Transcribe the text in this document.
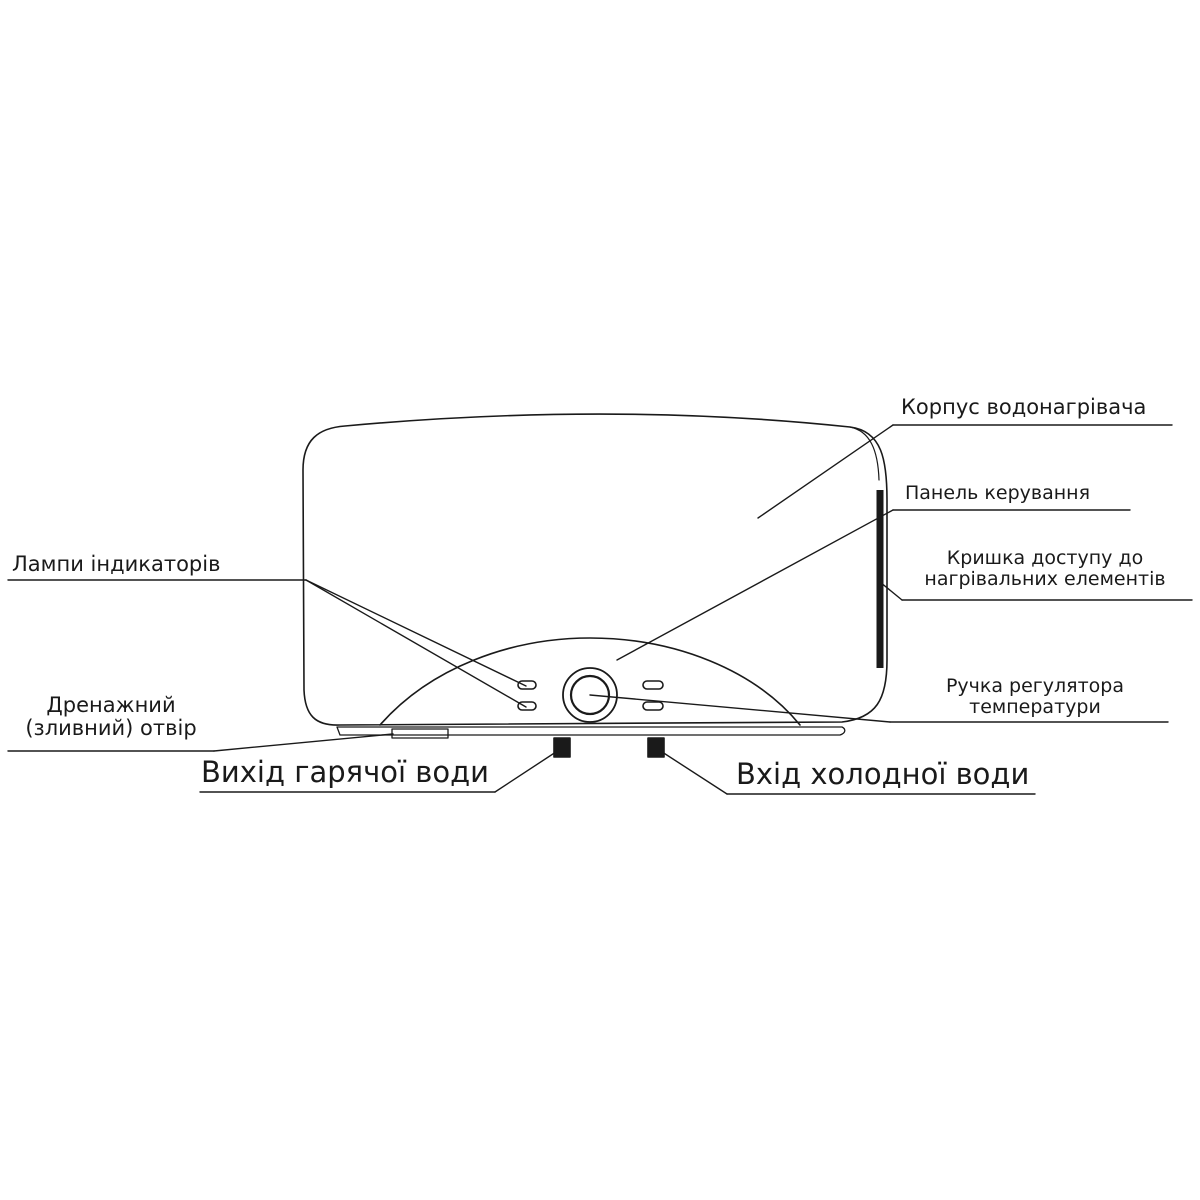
Корпус водонагрівача
Панель керування
Кришка доступу до
нагрівальних елементів
Лампи індикаторів
Дренажний
(зливний) отвір
Ручка регулятора
температури
Вихід гарячої води	Вхід холодної води
